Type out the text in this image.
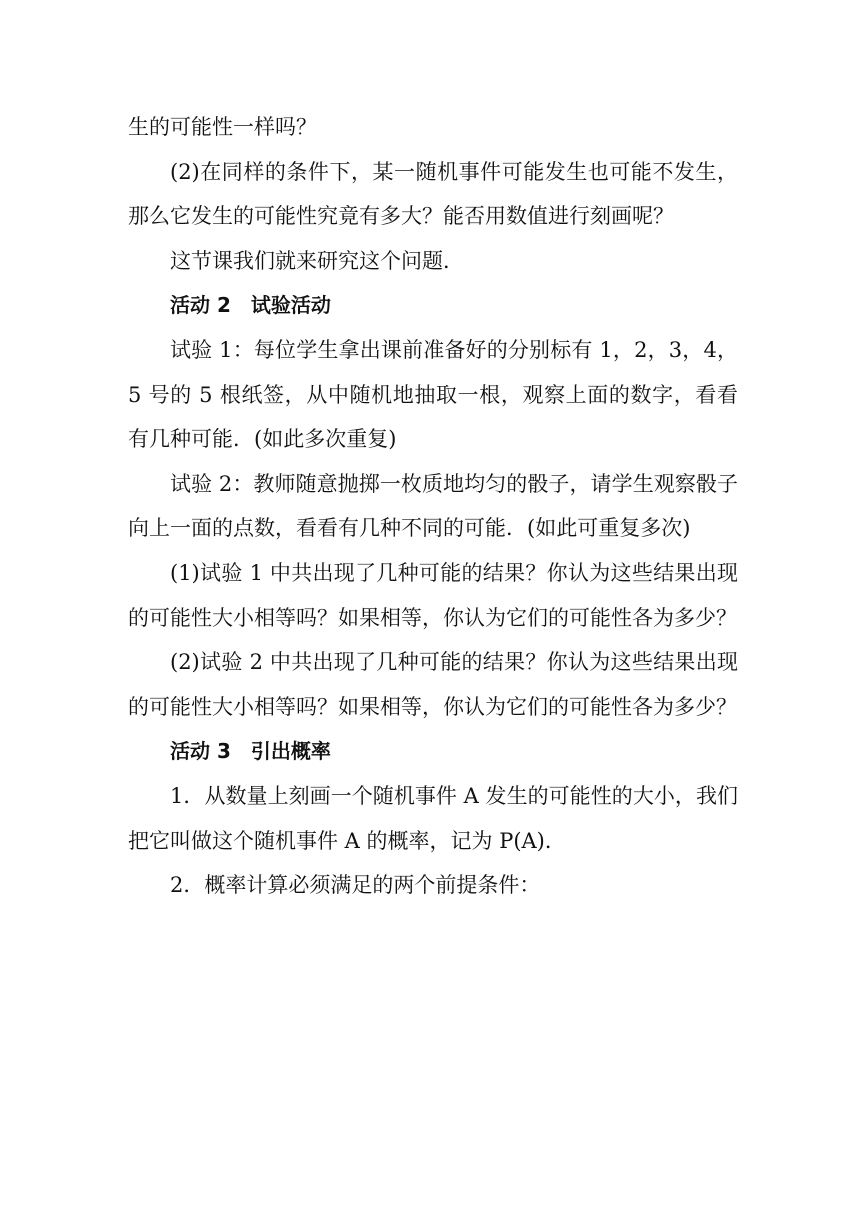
生的可能性一样吗？

(2)在同样的条件下，某一随机事件可能发生也可能不发生，那么它发生的可能性究竟有多大？能否用数值进行刻画呢？

这节课我们就来研究这个问题．

活动 2　试验活动

试验 1：每位学生拿出课前准备好的分别标有 1，2，3，4，5 号的 5 根纸签，从中随机地抽取一根，观察上面的数字，看看有几种可能．(如此多次重复)

试验 2：教师随意抛掷一枚质地均匀的骰子，请学生观察骰子向上一面的点数，看看有几种不同的可能．(如此可重复多次)

(1)试验 1 中共出现了几种可能的结果？你认为这些结果出现的可能性大小相等吗？如果相等，你认为它们的可能性各为多少？

(2)试验 2 中共出现了几种可能的结果？你认为这些结果出现的可能性大小相等吗？如果相等，你认为它们的可能性各为多少？

活动 3　引出概率

1．从数量上刻画一个随机事件 A 发生的可能性的大小，我们把它叫做这个随机事件 A 的概率，记为 P(A)．

2．概率计算必须满足的两个前提条件：
